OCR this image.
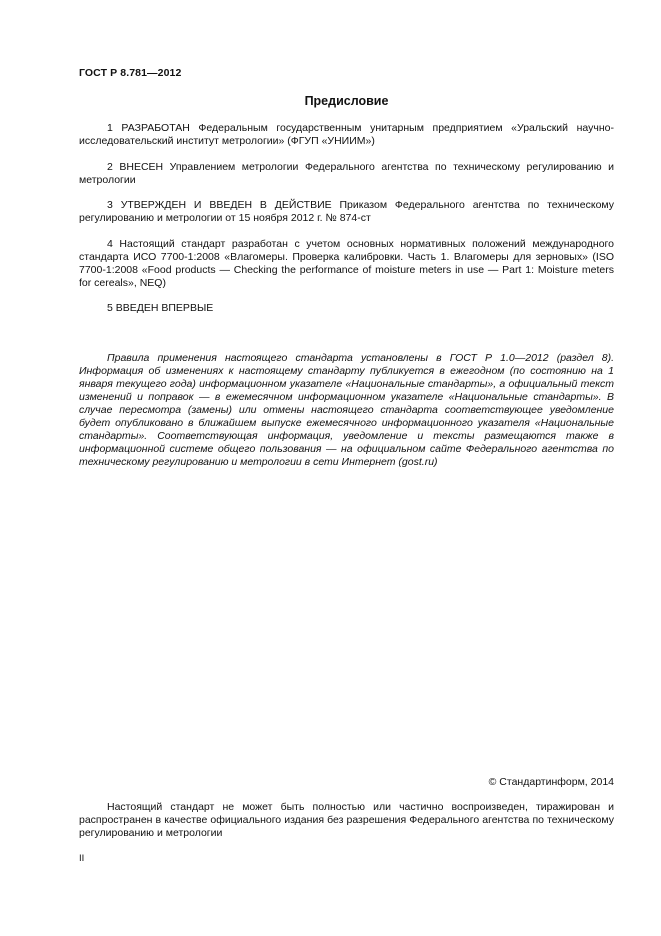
ГОСТ Р 8.781—2012
Предисловие

1 РАЗРАБОТАН Федеральным государственным унитарным предприятием «Уральский научно-исследовательский институт метрологии» (ФГУП «УНИИМ»)

2 ВНЕСЕН Управлением метрологии Федерального агентства по техническому регулированию и метрологии

3 УТВЕРЖДЕН И ВВЕДЕН В ДЕЙСТВИЕ Приказом Федерального агентства по техническому регулированию и метрологии от 15 ноября 2012 г. № 874-ст

4 Настоящий стандарт разработан с учетом основных нормативных положений международного стандарта ИСО 7700-1:2008 «Влагомеры. Проверка калибровки. Часть 1. Влагомеры для зерновых» (ISO 7700-1:2008 «Food products — Checking the performance of moisture meters in use — Part 1: Moisture meters for cereals», NEQ)

5 ВВЕДЕН ВПЕРВЫЕ

Правила применения настоящего стандарта установлены в ГОСТ Р 1.0—2012 (раздел 8). Информация об изменениях к настоящему стандарту публикуется в ежегодном (по состоянию на 1 января текущего года) информационном указателе «Национальные стандарты», а официальный текст изменений и поправок — в ежемесячном информационном указателе «Национальные стандарты». В случае пересмотра (замены) или отмены настоящего стандарта соответствующее уведомление будет опубликовано в ближайшем выпуске ежемесячного информационного указателя «Национальные стандарты». Соответствующая информация, уведомление и тексты размещаются также в информационной системе общего пользования — на официальном сайте Федерального агентства по техническому регулированию и метрологии в сети Интернет (gost.ru)

© Стандартинформ, 2014

Настоящий стандарт не может быть полностью или частично воспроизведен, тиражирован и распространен в качестве официального издания без разрешения Федерального агентства по техническому регулированию и метрологии

II
